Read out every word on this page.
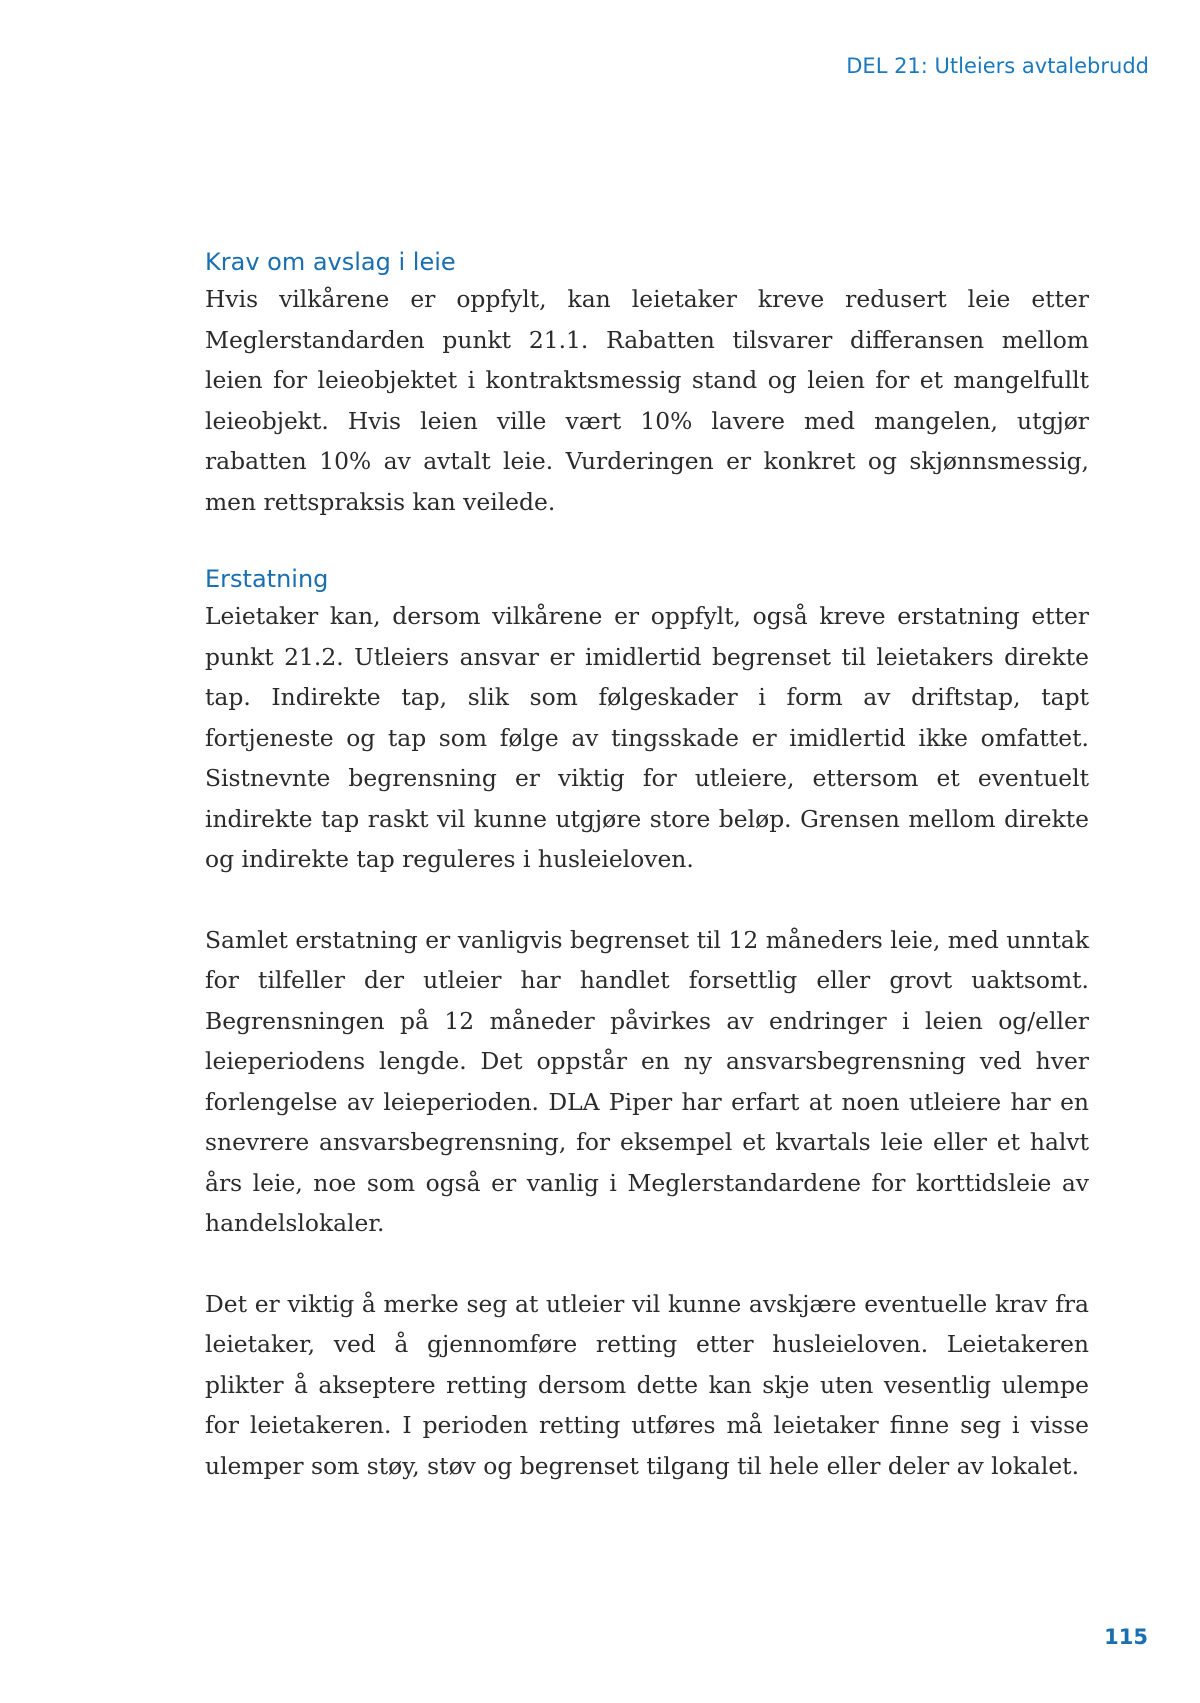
DEL 21: Utleiers avtalebrudd

Krav om avslag i leie

Hvis vilkårene er oppfylt, kan leietaker kreve redusert leie etter Meglerstandarden punkt 21.1. Rabatten tilsvarer differansen mellom leien for leieobjektet i kontraktsmessig stand og leien for et mangelfullt leieobjekt. Hvis leien ville vært 10% lavere med mangelen, utgjør rabatten 10% av avtalt leie. Vurderingen er konkret og skjønnsmessig, men rettspraksis kan veilede.

Erstatning

Leietaker kan, dersom vilkårene er oppfylt, også kreve erstatning etter punkt 21.2. Utleiers ansvar er imidlertid begrenset til leietakers direkte tap. Indirekte tap, slik som følgeskader i form av driftstap, tapt fortjeneste og tap som følge av tingsskade er imidlertid ikke omfattet. Sistnevnte begrensning er viktig for utleiere, ettersom et eventuelt indirekte tap raskt vil kunne utgjøre store beløp. Grensen mellom direkte og indirekte tap reguleres i husleieloven.

Samlet erstatning er vanligvis begrenset til 12 måneders leie, med unntak for tilfeller der utleier har handlet forsettlig eller grovt uaktsomt. Begrensningen på 12 måneder påvirkes av endringer i leien og/eller leieperiodens lengde. Det oppstår en ny ansvarsbegrensning ved hver forlengelse av leieperioden. DLA Piper har erfart at noen utleiere har en snevrere ansvarsbegrensning, for eksempel et kvartals leie eller et halvt års leie, noe som også er vanlig i Meglerstandardene for korttidsleie av handelslokaler.

Det er viktig å merke seg at utleier vil kunne avskjære eventuelle krav fra leietaker, ved å gjennomføre retting etter husleieloven. Leietakeren plikter å akseptere retting dersom dette kan skje uten vesentlig ulempe for leietakeren. I perioden retting utføres må leietaker finne seg i visse ulemper som støy, støv og begrenset tilgang til hele eller deler av lokalet.

115
